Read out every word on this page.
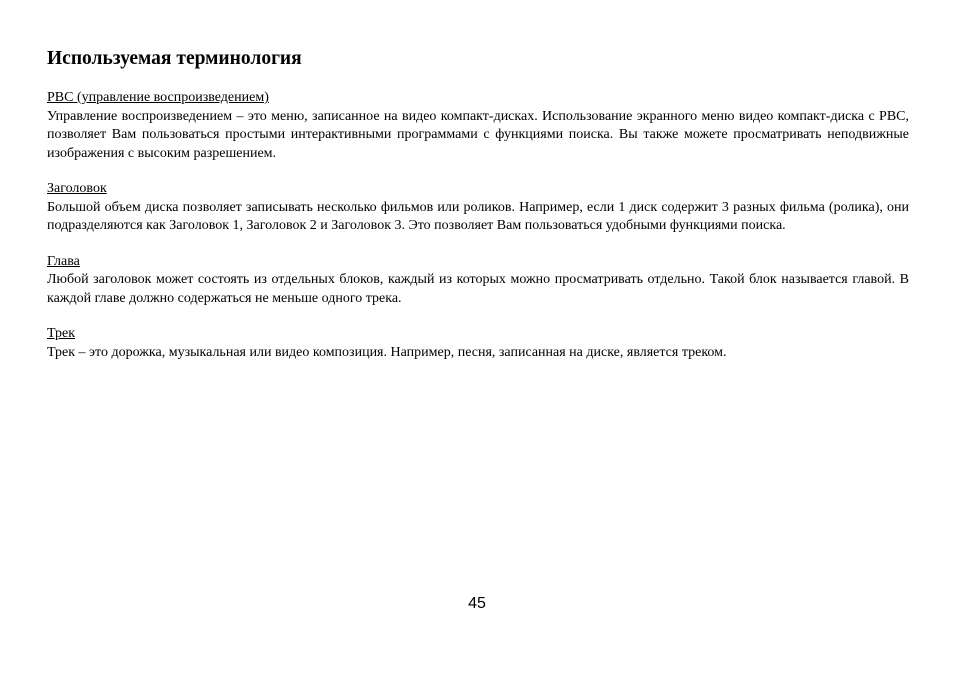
Используемая терминология
PBC (управление воспроизведением)

Управление воспроизведением – это меню, записанное на видео компакт-дисках. Использование экранного меню видео компакт-диска с PBC, позволяет Вам пользоваться простыми интерактивными программами с функциями поиска. Вы также можете просматривать неподвижные изображения с высоким разрешением.

Заголовок

Большой объем диска позволяет записывать несколько фильмов или роликов. Например, если 1 диск содержит 3 разных фильма (ролика), они подразделяются как Заголовок 1, Заголовок 2 и Заголовок 3. Это позволяет Вам пользоваться удобными функциями поиска.

Глава

Любой заголовок может состоять из отдельных блоков, каждый из которых можно просматривать отдельно. Такой блок называется главой. В каждой главе должно содержаться не меньше одного трека.

Трек

Трек – это дорожка, музыкальная или видео композиция. Например, песня, записанная на диске, является треком.

45
